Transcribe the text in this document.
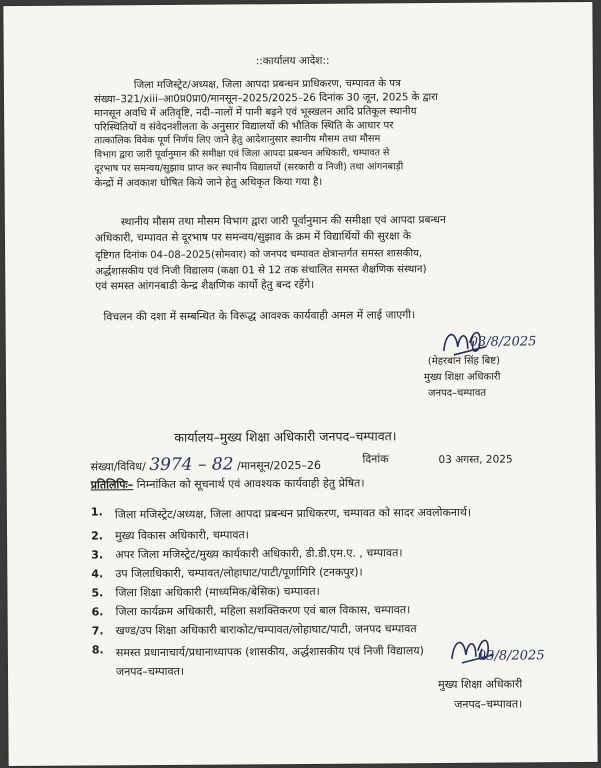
::कार्यालय आदेश::
जिला मजिस्ट्रेट/अध्यक्ष, जिला आपदा प्रबन्धन प्राधिकरण, चम्पावत के पत्र
संख्या–321/xiii–आ0प्र0प्रा0/मानसून–2025/2025–26 दिनांक 30 जून, 2025 के द्वारा
मानसून अवधि में अतिवृष्टि, नदी–नालों में पानी बढ़ने एवं भूस्खलन आदि प्रतिकूल स्थानीय
परिस्थितियों व संवेदनशीलता के अनुसार विद्यालयों की भौतिक स्थिति के आधार पर
तात्कालिक विवेक पूर्ण निर्णय लिए जाने हेतु आदेशानुसार स्थानीय मौसम तथा मौसम
विभाग द्वारा जारी पूर्वानुमान की समीक्षा एवं जिला आपदा प्रबन्धन अधिकारी, चम्पावत से
दूरभाष पर समन्वय/सुझाव प्राप्त कर स्थानीय विद्यालयों (सरकारी व निजी) तथा आंगनबाड़ी
केन्द्रों में अवकाश घोषित किये जाने हेतु अधिकृत किया गया है।
स्थानीय मौसम तथा मौसम विभाग द्वारा जारी पूर्वानुमान की समीक्षा एवं आपदा प्रबन्धन
अधिकारी, चम्पावत से दूरभाष पर समन्वय/सुझाव के क्रम में विद्यार्थियों की सुरक्षा के
दृष्टिगत दिनांक 04–08–2025(सोमवार) को जनपद चम्पावत क्षेत्रान्तर्गत समस्त शासकीय,
अर्द्धशासकीय एवं निजी विद्यालय (कक्षा 01 से 12 तक संचालित समस्त शैक्षणिक संस्थान)
एवं समस्त आंगनबाडी केन्द्र शैक्षणिक कार्यो हेतु बन्द रहेंगे।
विचलन की दशा में सम्बन्धित के विरूद्ध आवश्क कार्यवाही अमल में लाई जाएगी।
03/8/2025
(मेहरबान सिंह बिष्ट)
मुख्य शिक्षा अधिकारी
जनपद–चम्पावत
कार्यालय–मुख्य शिक्षा अधिकारी जनपद–चम्पावत।
संख्या/विविध/ 3974 – 82 /मानसून/2025–26	दिनांक	03 अगस्त, 2025
प्रतिलिपिः– निम्नांकित को सूचनार्थ एवं आवश्यक कार्यवाही हेतु प्रेषित।
1.	जिला मजिस्ट्रेट/अध्यक्ष, जिला आपदा प्रबन्धन प्राधिकरण, चम्पावत को सादर अवलोकनार्थ।
2.	मुख्य विकास अधिकारी, चम्पावत।
3.	अपर जिला मजिस्ट्रेट/मुख्य कार्यकारी अधिकारी, डी.डी.एम.ए. , चम्पावत।
4.	उप जिलाधिकारी, चम्पावत/लोहाघाट/पाटी/पूर्णागिरि (टनकपुर)।
5.	जिला शिक्षा अधिकारी (माध्यमिक/बेसिक) चम्पावत।
6.	जिला कार्यक्रम अधिकारी, महिला सशक्तिकरण एवं बाल विकास, चम्पावत।
7.	खण्ड/उप शिक्षा अधिकारी बाराकोट/चम्पावत/लोहाघाट/पाटी, जनपद चम्पावत
8.	समस्त प्रधानाचार्य/प्रधानाध्यापक (शासकीय, अर्द्धशासकीय एवं निजी विद्यालय) जनपद–चम्पावत।
03/8/2025
मुख्य शिक्षा अधिकारी
जनपद–चम्पावत।
